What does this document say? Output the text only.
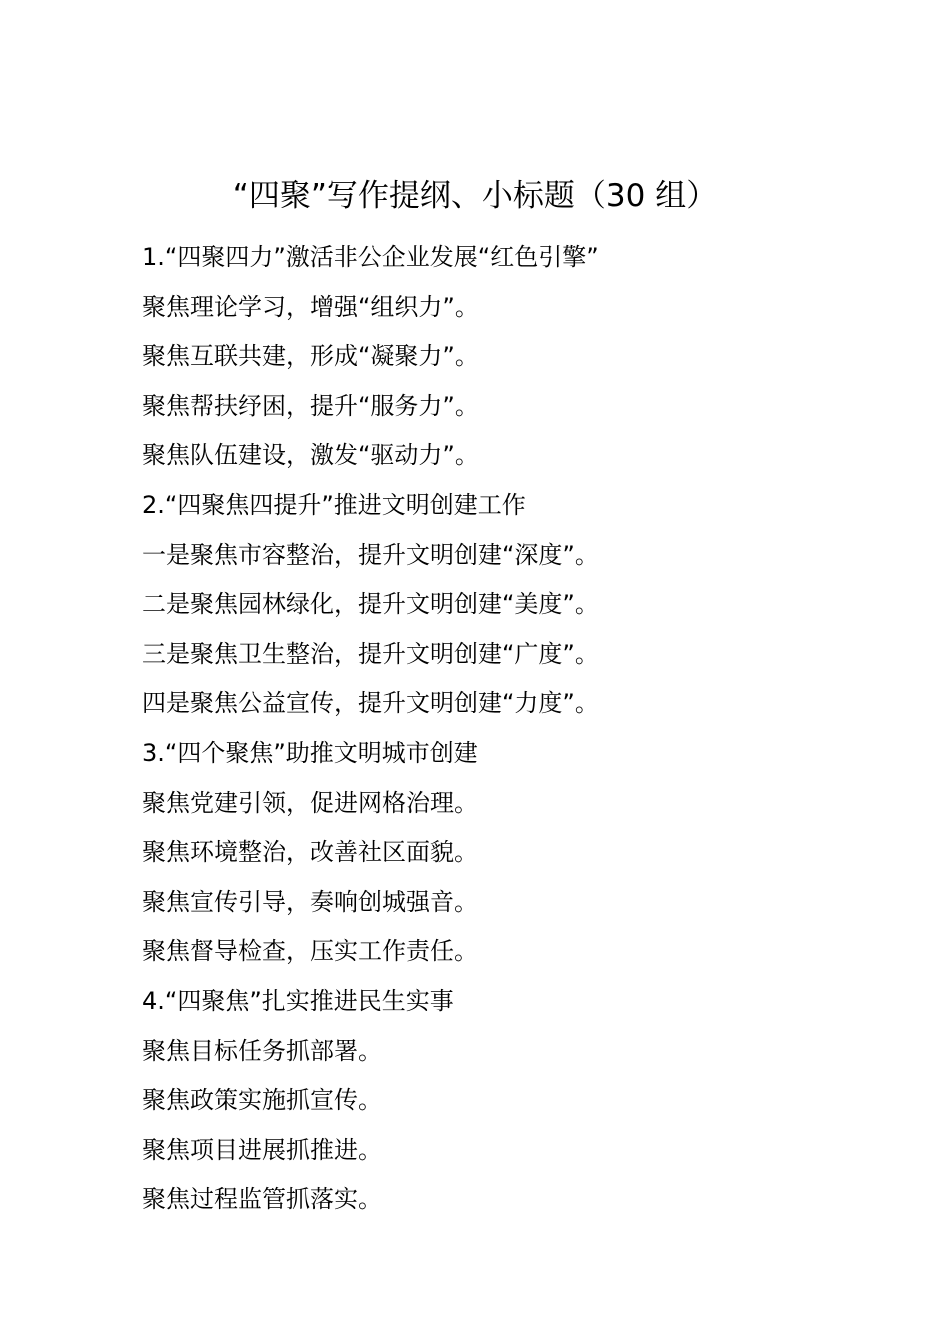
“四聚”写作提纲、小标题（30 组）
1.“四聚四力”激活非公企业发展“红色引擎”
聚焦理论学习，增强“组织力”。
聚焦互联共建，形成“凝聚力”。
聚焦帮扶纾困，提升“服务力”。
聚焦队伍建设，激发“驱动力”。
2.“四聚焦四提升”推进文明创建工作
一是聚焦市容整治，提升文明创建“深度”。
二是聚焦园林绿化，提升文明创建“美度”。
三是聚焦卫生整治，提升文明创建“广度”。
四是聚焦公益宣传，提升文明创建“力度”。
3.“四个聚焦”助推文明城市创建
聚焦党建引领，促进网格治理。
聚焦环境整治，改善社区面貌。
聚焦宣传引导，奏响创城强音。
聚焦督导检查，压实工作责任。
4.“四聚焦”扎实推进民生实事
聚焦目标任务抓部署。
聚焦政策实施抓宣传。
聚焦项目进展抓推进。
聚焦过程监管抓落实。
